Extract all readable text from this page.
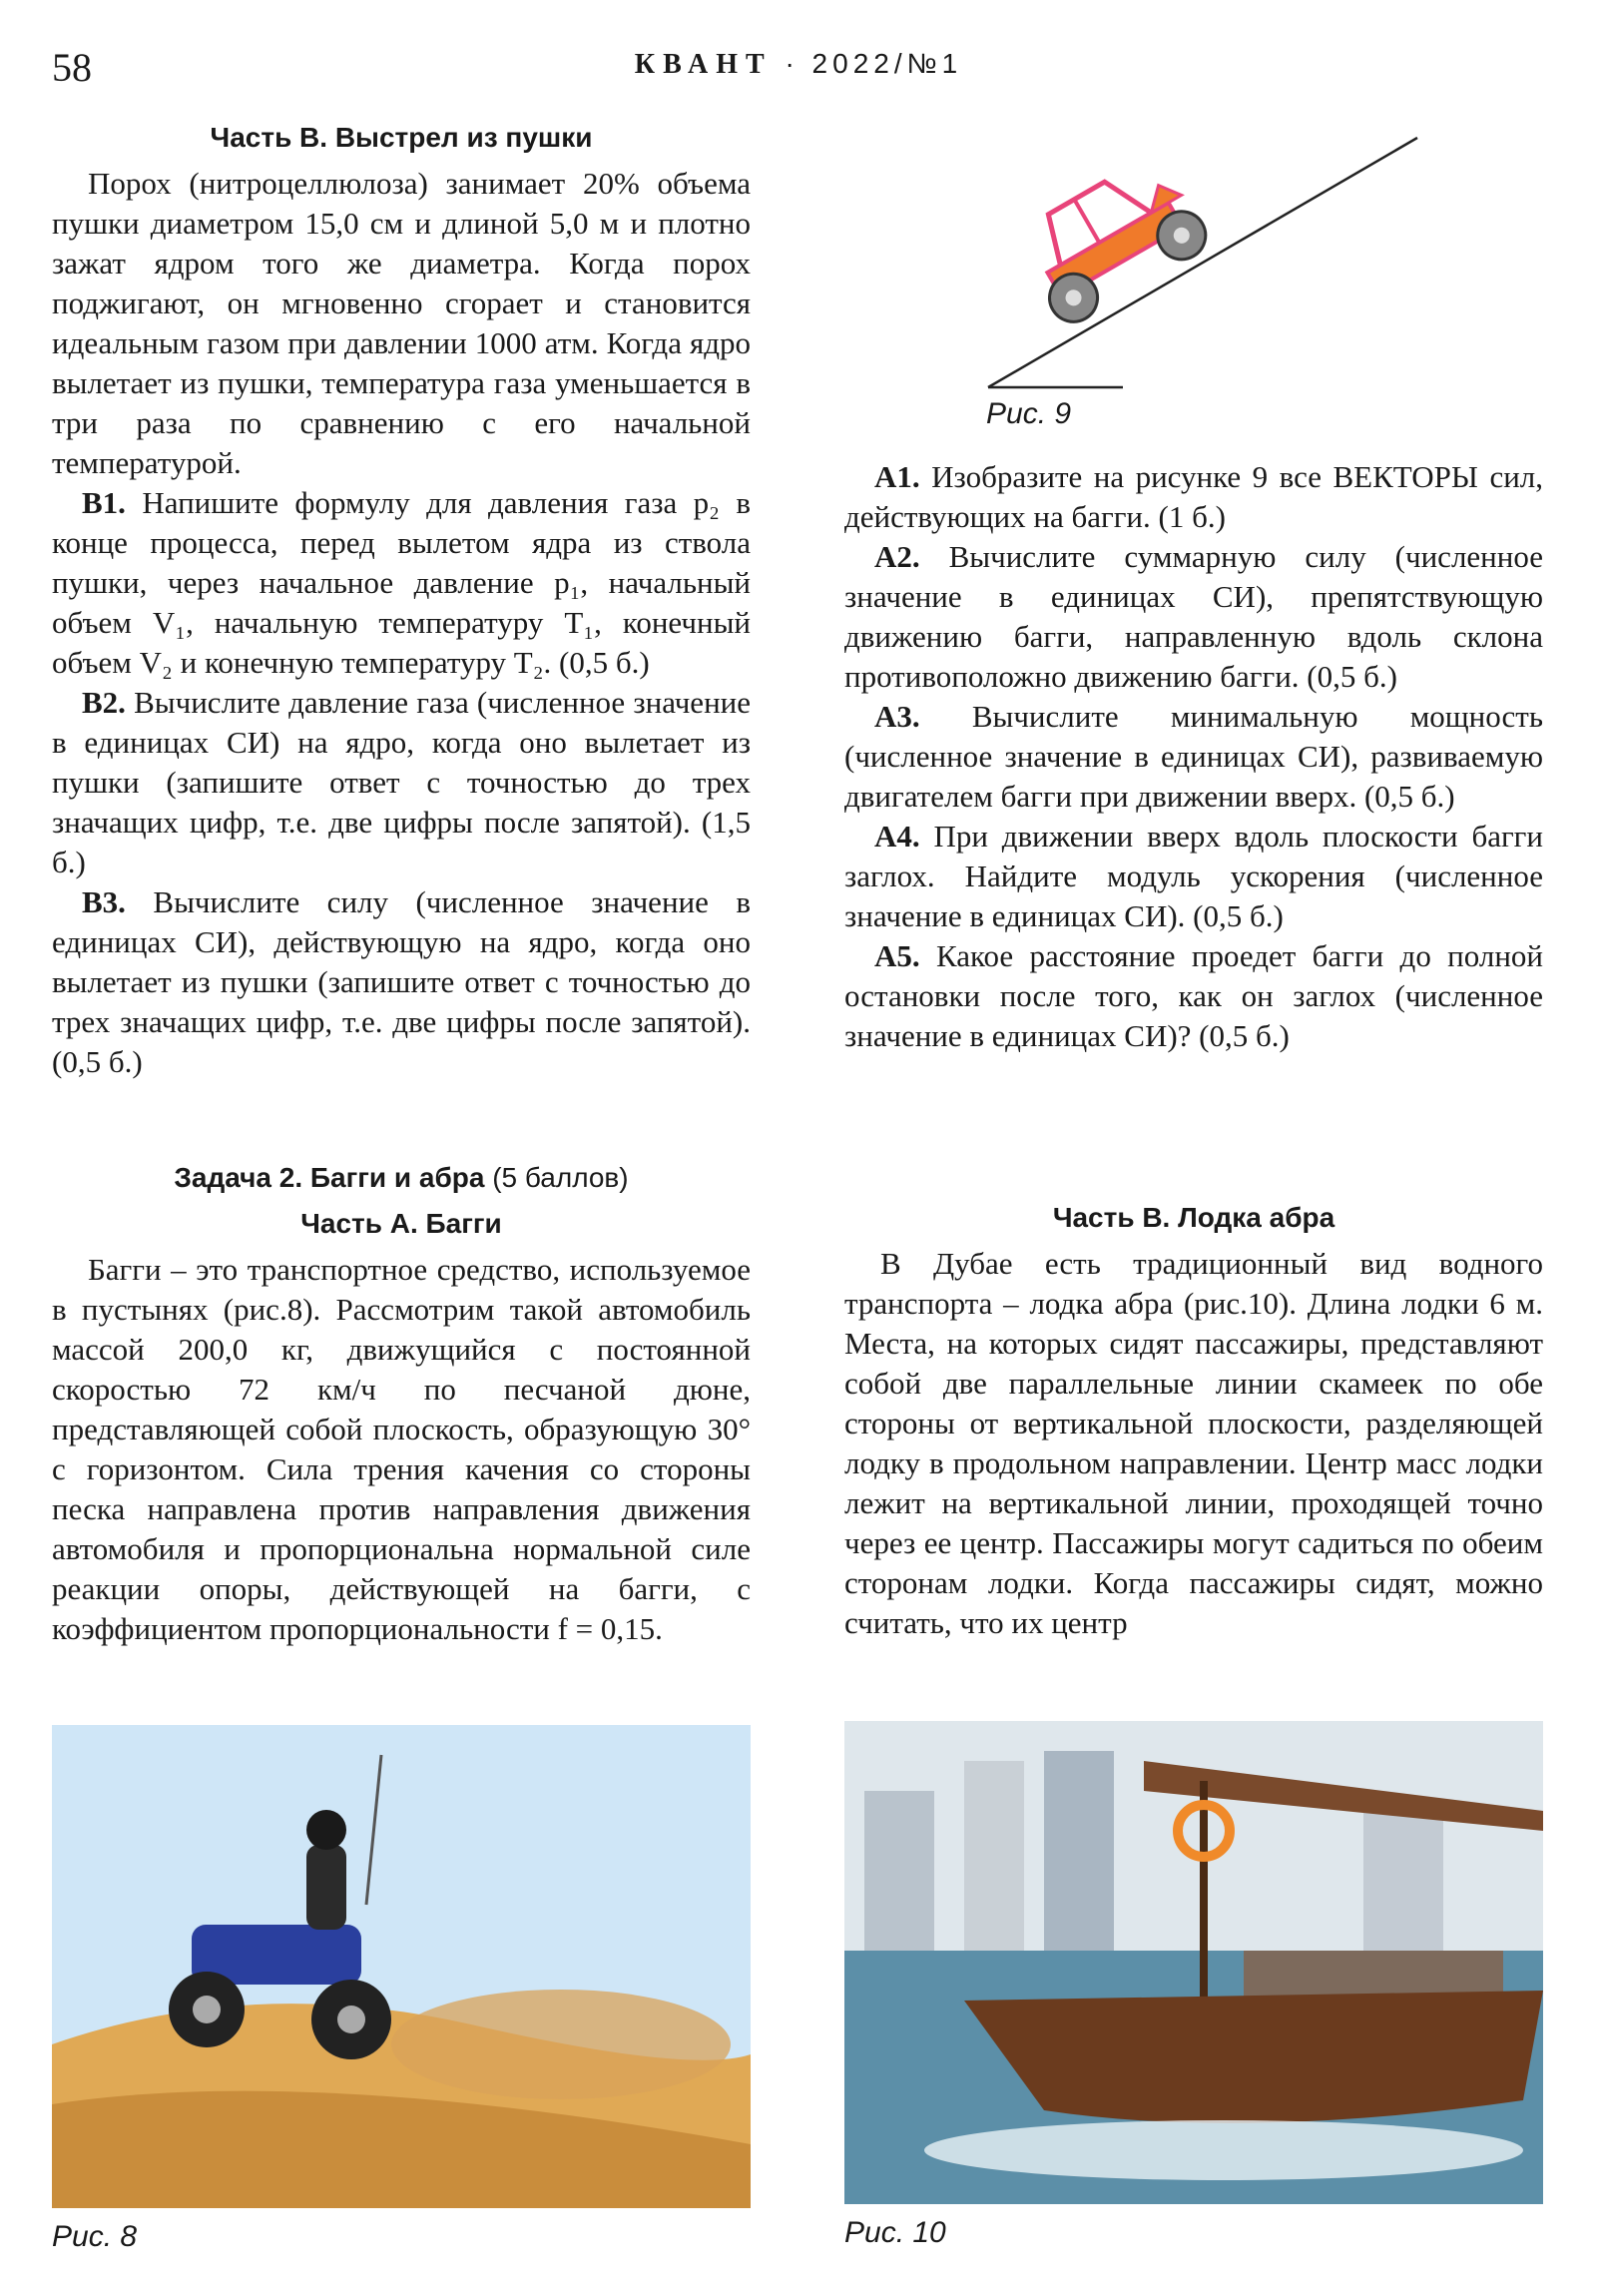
58	КВАНТ · 2022/№1
Часть В. Выстрел из пушки

Порох (нитроцеллюлоза) занимает 20% объема пушки диаметром 15,0 см и длиной 5,0 м и плотно зажат ядром того же диаметра. Когда порох поджигают, он мгновенно сгорает и становится идеальным газом при давлении 1000 атм. Когда ядро вылетает из пушки, температура газа уменьшается в три раза по сравнению с его начальной температурой.

В1. Напишите формулу для давления газа p₂ в конце процесса, перед вылетом ядра из ствола пушки, через начальное давление p₁, начальный объем V₁, начальную температуру T₁, конечный объем V₂ и конечную температуру T₂. (0,5 б.)

В2. Вычислите давление газа (численное значение в единицах СИ) на ядро, когда оно вылетает из пушки (запишите ответ с точностью до трех значащих цифр, т.е. две цифры после запятой). (1,5 б.)

В3. Вычислите силу (численное значение в единицах СИ), действующую на ядро, когда оно вылетает из пушки (запишите ответ с точностью до трех значащих цифр, т.е. две цифры после запятой). (0,5 б.)

Рис. 9

А1. Изобразите на рисунке 9 все ВЕКТОРЫ сил, действующих на багги. (1 б.)

А2. Вычислите суммарную силу (численное значение в единицах СИ), препятствующую движению багги, направленную вдоль склона противоположно движению багги. (0,5 б.)

А3. Вычислите минимальную мощность (численное значение в единицах СИ), развиваемую двигателем багги при движении вверх. (0,5 б.)

А4. При движении вверх вдоль плоскости багги заглох. Найдите модуль ускорения (численное значение в единицах СИ). (0,5 б.)

А5. Какое расстояние проедет багги до полной остановки после того, как он заглох (численное значение в единицах СИ)? (0,5 б.)

Задача 2. Багги и абра (5 баллов)
Часть А. Багги

Багги – это транспортное средство, используемое в пустынях (рис.8). Рассмотрим такой автомобиль массой 200,0 кг, движущийся с постоянной скоростью 72 км/ч по песчаной дюне, представляющей собой плоскость, образующую 30° с горизонтом. Сила трения качения со стороны песка направлена против направления движения автомобиля и пропорциональна нормальной силе реакции опоры, действующей на багги, с коэффициентом пропорциональности f = 0,15.

Часть В. Лодка абра

В Дубае есть традиционный вид водного транспорта – лодка абра (рис.10). Длина лодки 6 м. Места, на которых сидят пассажиры, представляют собой две параллельные линии скамеек по обе стороны от вертикальной плоскости, разделяющей лодку в продольном направлении. Центр масс лодки лежит на вертикальной линии, проходящей точно через ее центр. Пассажиры могут садиться по обеим сторонам лодки. Когда пассажиры сидят, можно считать, что их центр

Рис. 8	Рис. 10
